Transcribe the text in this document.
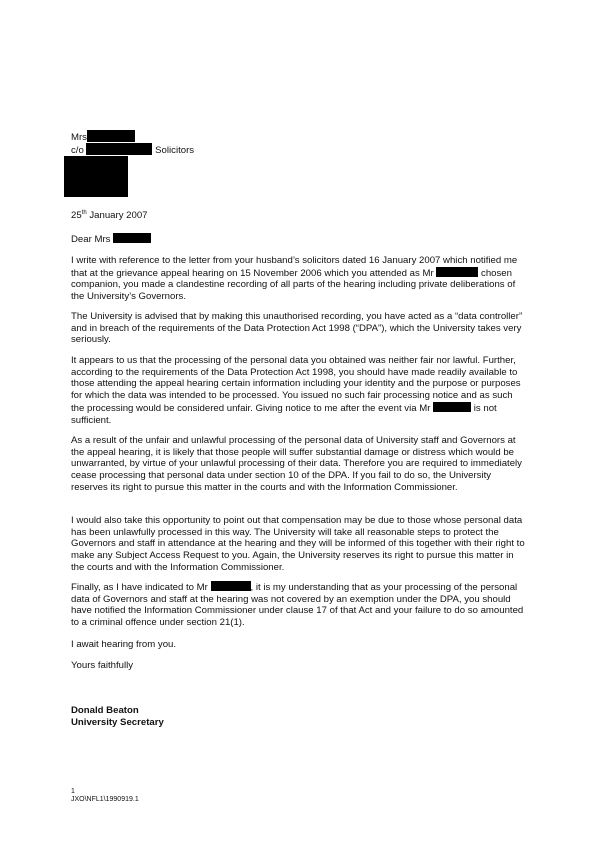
Mrs
c/o	Solicitors
25th January 2007
Dear Mrs
I write with reference to the letter from your husband’s solicitors dated 16 January 2007 which notified me that at the grievance appeal hearing on 15 November 2006 which you attended as Mr	chosen companion, you made a clandestine recording of all parts of the hearing including private deliberations of the University’s Governors.
The University is advised that by making this unauthorised recording, you have acted as a “data controller” and in breach of the requirements of the Data Protection Act 1998 (“DPA”), which the University takes very seriously.
It appears to us that the processing of the personal data you obtained was neither fair nor lawful. Further, according to the requirements of the Data Protection Act 1998, you should have made readily available to those attending the appeal hearing certain information including your identity and the purpose or purposes for which the data was intended to be processed. You issued no such fair processing notice and as such the processing would be considered unfair. Giving notice to me after the event via Mr	is not sufficient.
As a result of the unfair and unlawful processing of the personal data of University staff and Governors at the appeal hearing, it is likely that those people will suffer substantial damage or distress which would be unwarranted, by virtue of your unlawful processing of their data. Therefore you are required to immediately cease processing that personal data under section 10 of the DPA. If you fail to do so, the University reserves its right to pursue this matter in the courts and with the Information Commissioner.
I would also take this opportunity to point out that compensation may be due to those whose personal data has been unlawfully processed in this way. The University will take all reasonable steps to protect the Governors and staff in attendance at the hearing and they will be informed of this together with their right to make any Subject Access Request to you. Again, the University reserves its right to pursue this matter in the courts and with the Information Commissioner.
Finally, as I have indicated to Mr	, it is my understanding that as your processing of the personal data of Governors and staff at the hearing was not covered by an exemption under the DPA, you should have notified the Information Commissioner under clause 17 of that Act and your failure to do so amounted to a criminal offence under section 21(1).
I await hearing from you.
Yours faithfully
Donald Beaton
University Secretary
1
JXO\NFL1\1990919.1
